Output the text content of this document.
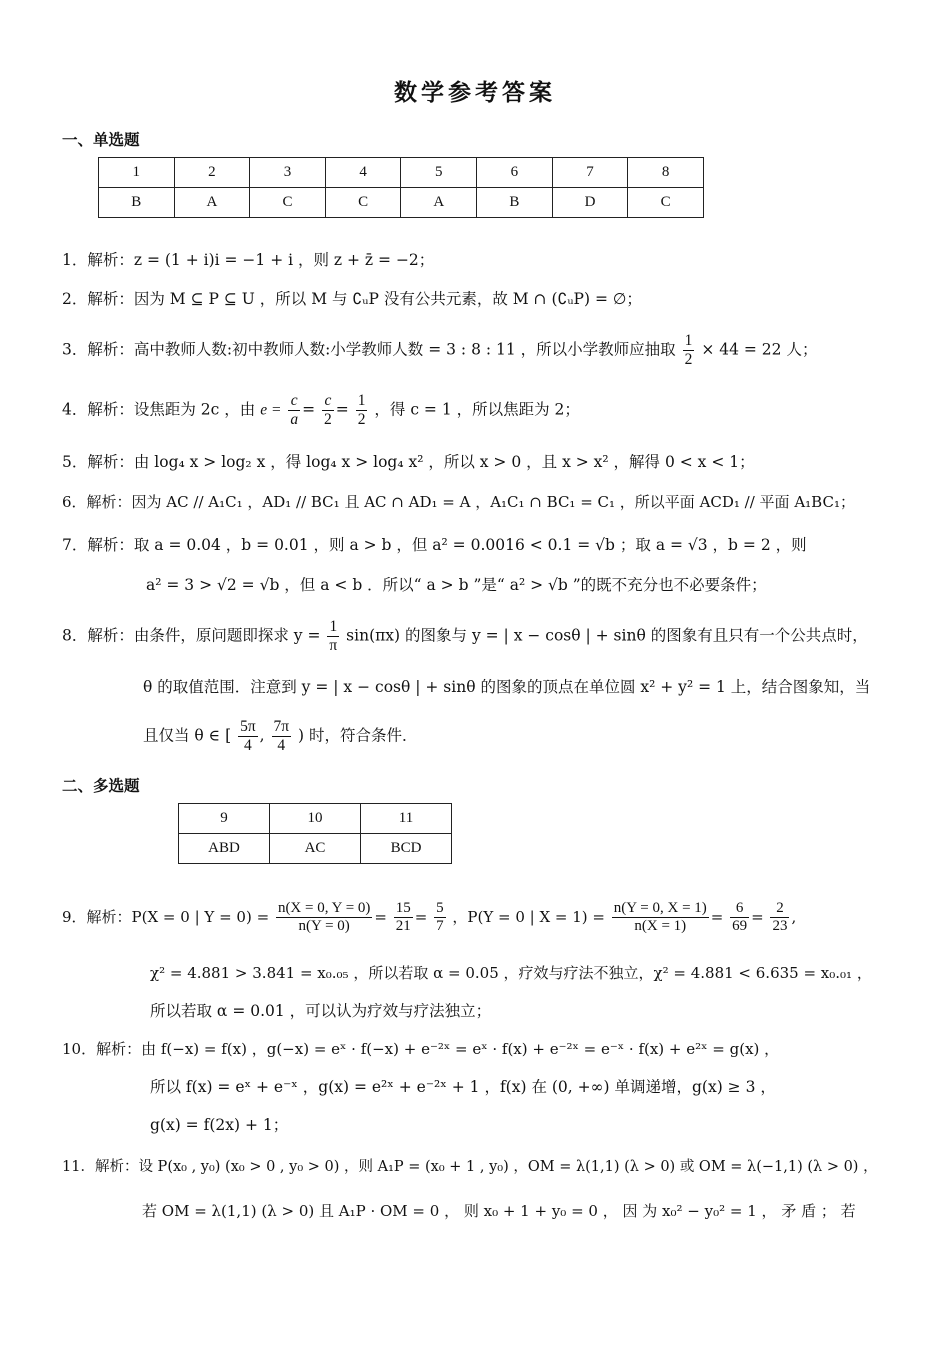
数学参考答案
一、单选题
1	2	3	4	5	6	7	8
B	A	C	C	A	B	D	C
1．解析：z = (1 + i)i = −1 + i ，则 z + z̄ = −2；
2．解析：因为 M ⊆ P ⊆ U ，所以 M 与 ∁ᵤP 没有公共元素，故 M ∩ (∁ᵤP) = ∅；
3．解析：高中教师人数:初中教师人数:小学教师人数 = 3 : 8 : 11 ，所以小学教师应抽取 $\frac{1}{2} \times 44 = 22$ 人；
4．解析：设焦距为 2c ，由 $e = \frac{c}{a} = \frac{c}{2} = \frac{1}{2}$ ，得 c = 1 ，所以焦距为 2；
5．解析：由 log₄ x > log₂ x ，得 log₄ x > log₄ x² ，所以 x > 0 ，且 x > x² ，解得 0 < x < 1；
6．解析：因为 AC // A₁C₁ ，AD₁ // BC₁ 且 AC ∩ AD₁ = A ，A₁C₁ ∩ BC₁ = C₁ ，所以平面 ACD₁ // 平面 A₁BC₁；
7．解析：取 a = 0.04 ，b = 0.01 ，则 a > b ，但 a² = 0.0016 < 0.1 = √b ；取 a = √3 ，b = 2 ，则
a² = 3 > √2 = √b ，但 a < b ．所以“ a > b ”是“ a² > √b ”的既不充分也不必要条件；
8．解析：由条件，原问题即探求 $y = \frac{1}{\pi} \sin(\pi x)$ 的图象与 y = | x − cosθ | + sinθ 的图象有且只有一个公共点时，
θ 的取值范围．注意到 y = | x − cosθ | + sinθ 的图象的顶点在单位圆 x² + y² = 1 上，结合图象知，当
且仅当 θ ∈ [ $\frac{5\pi}{4}$ , $\frac{7\pi}{4}$ ) 时，符合条件．
二、多选题
9	10	11
ABD	AC	BCD
9．解析：P(X = 0 | $Y = 0) = \frac{n(X = 0, Y = 0)}{n(Y = 0)} = \frac{15}{21} = \frac{5}{7}$ ，P(Y = 0 | $X = 1) = \frac{n(Y = 0, X = 1)}{n(X = 1)} = \frac{6}{69} = \frac{2}{23}$ ,
χ² = 4.881 > 3.841 = x₀.₀₅ ，所以若取 α = 0.05 ，疗效与疗法不独立，χ² = 4.881 < 6.635 = x₀.₀₁ ，
所以若取 α = 0.01 ，可以认为疗效与疗法独立；
10．解析：由 f(−x) = f(x) ，g(−x) = eˣ · f(−x) + e⁻²ˣ = eˣ · f(x) + e⁻²ˣ = e⁻ˣ · f(x) + e²ˣ = g(x) ，
所以 f(x) = eˣ + e⁻ˣ ，g(x) = e²ˣ + e⁻²ˣ + 1 ，f(x) 在 (0, +∞) 单调递增，g(x) ≥ 3 ，
g(x) = f(2x) + 1；
11．解析：设 P(x₀ , y₀) (x₀ > 0 , y₀ > 0) ，则 A₁P = (x₀ + 1 , y₀) ，OM = λ(1,1) (λ > 0) 或 OM = λ(−1,1) (λ > 0) ，
若 OM = λ(1,1) (λ > 0) 且 A₁P · OM = 0 ， 则 x₀ + 1 + y₀ = 0 ， 因 为 x₀² − y₀² = 1 ， 矛 盾 ； 若
